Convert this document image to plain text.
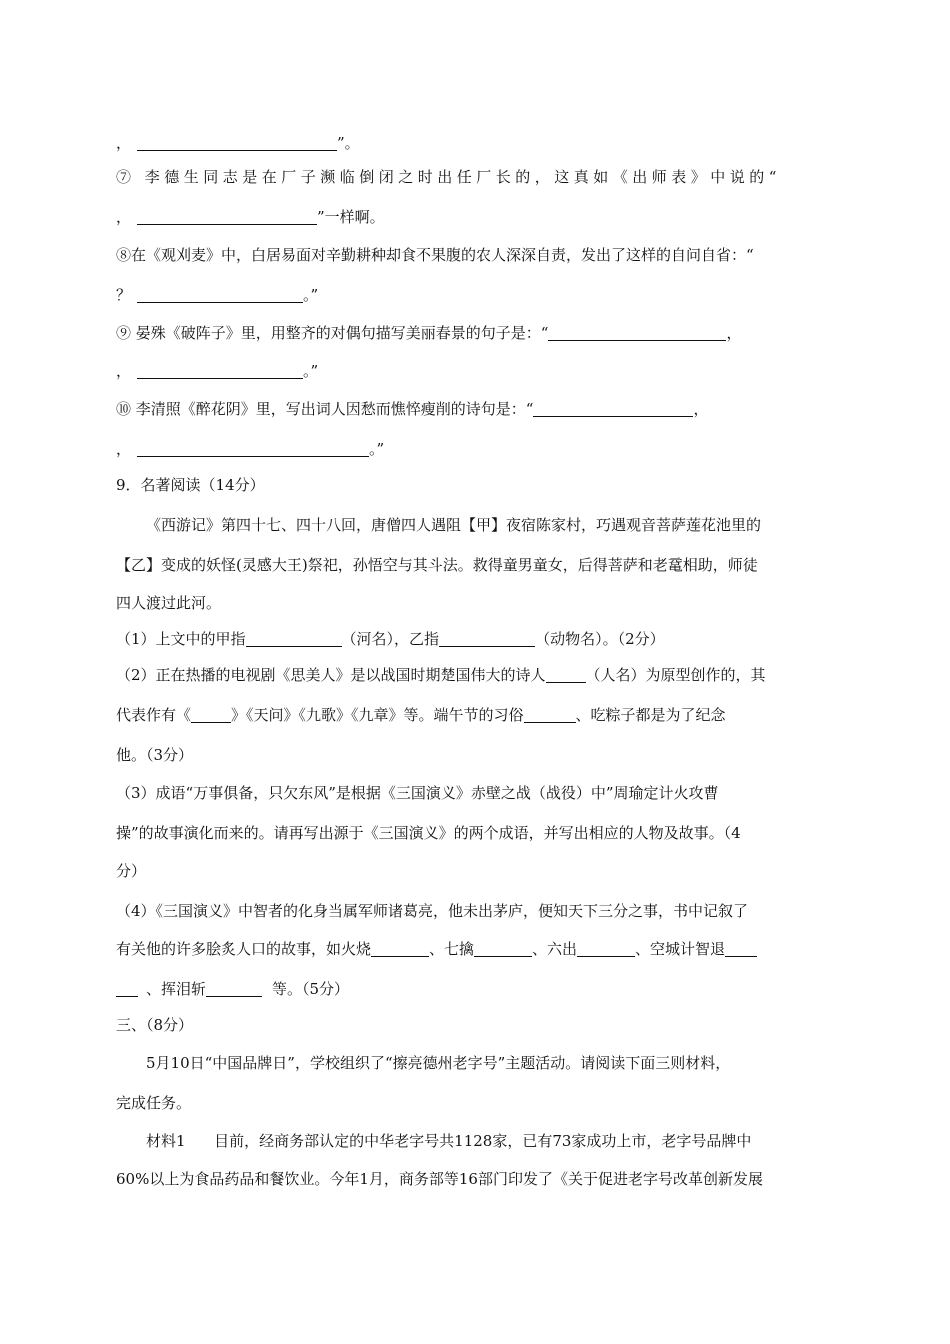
，	”。
⑦ 李德生同志是在厂子濒临倒闭之时出任厂长的，这真如《出师表》中说的“
，	”一样啊。
⑧在《观刈麦》中，白居易面对辛勤耕种却食不果腹的农人深深自责，发出了这样的自问自省：“
？	。”
⑨ 晏殊《破阵子》里，用整齐的对偶句描写美丽春景的句子是：“	，
，	。”
⑩ 李清照《醉花阴》里，写出词人因愁而憔悴瘦削的诗句是：“	，
，	。”
9．名著阅读（14分）
《西游记》第四十七、四十八回，唐僧四人遇阻【甲】夜宿陈家村，巧遇观音菩萨莲花池里的
【乙】变成的妖怪(灵感大王)祭祀，孙悟空与其斗法。救得童男童女，后得菩萨和老鼋相助，师徒
四人渡过此河。
（1）上文中的甲指	（河名），乙指	（动物名）。（2分）
（2）正在热播的电视剧《思美人》是以战国时期楚国伟大的诗人	（人名）为原型创作的，其
代表作有《	》《天问》《九歌》《九章》等。端午节的习俗	、吃粽子都是为了纪念
他。（3分）
（3）成语“万事俱备，只欠东风”是根据《三国演义》赤壁之战（战役）中”周瑜定计火攻曹
操”的故事演化而来的。请再写出源于《三国演义》的两个成语，并写出相应的人物及故事。（4
分）
（4）《三国演义》中智者的化身当属军师诸葛亮，他未出茅庐，便知天下三分之事，书中记叙了
有关他的许多脍炙人口的故事，如火烧	、七擒	、六出	、空城计智退
、挥泪斩	等。（5分）
三、（8分）
5月10日“中国品牌日”，学校组织了“擦亮德州老字号”主题活动。请阅读下面三则材料，
完成任务。
材料1      目前，经商务部认定的中华老字号共1128家，已有73家成功上市，老字号品牌中
60%以上为食品药品和餐饮业。今年1月，商务部等16部门印发了《关于促进老字号改革创新发展
